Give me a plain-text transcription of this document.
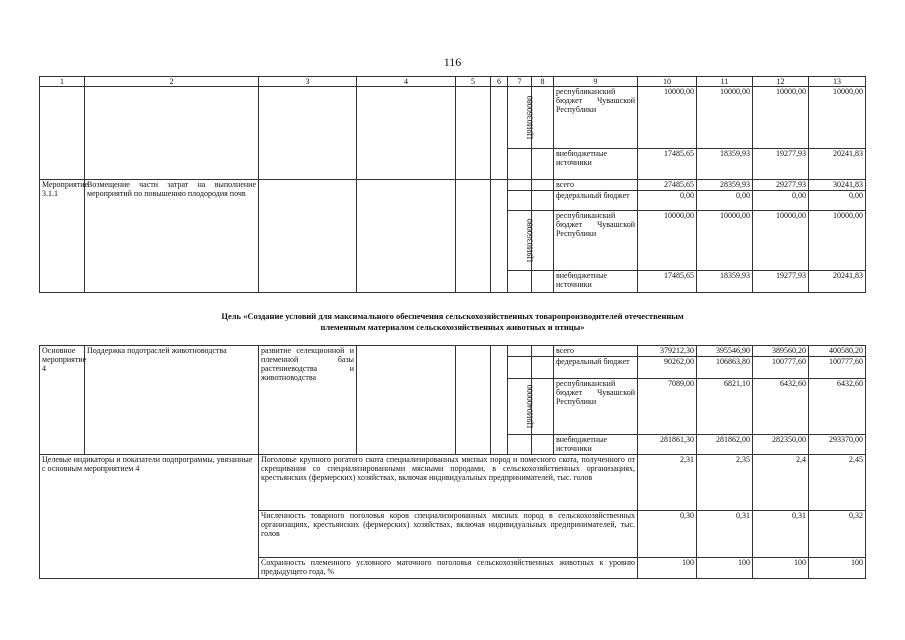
116
1	2	3	4	5	6	7	8	9	10	11	12	13
						Ц9И0360080		республиканский бюджет Чувашской Республики	10000,00	10000,00	10000,00	10000,00
								внебюджетные источники	17485,65	18359,93	19277,93	20241,83
Мероприятие 3.1.1	Возмещение части затрат на выполнение мероприятий по повышению плодородия почв							всего	27485,65	28359,93	29277,93	30241,83
								федеральный бюджет	0,00	0,00	0,00	0,00
						Ц9И0360080		республиканский бюджет Чувашской Республики	10000,00	10000,00	10000,00	10000,00
								внебюджетные источники	17485,65	18359,93	19277,93	20241,83
Цель «Создание условий для максимального обеспечения сельскохозяйственных товаропроизводителей отечественным
племенным материалом сельскохозяйственных животных и птицы»
Основное мероприятие 4	Поддержка подотраслей животноводства	развитие селекционной и племенной базы растениеводства и животноводства						всего	379212,30	395546,90	389560,20	400580,20
								федеральный бюджет	90262,00	106863,80	100777,60	100777,60
						Ц9И0400000		республиканский бюджет Чувашской Республики	7089,00	6821,10	6432,60	6432,60
								внебюджетные источники	281861,30	281862,00	282350,00	293370,00
Целевые индикаторы и показатели подпрограммы, увязанные с основным мероприятием 4		Поголовье крупного рогатого скота специализированных мясных пород и помесного скота, полученного от скрещивания со специализированными мясными породами, в сельскохозяйственных организациях, крестьянских (фермерских) хозяйствах, включая индивидуальных предпринимателей, тыс. голов							2,31	2,35	2,4	2,45
		Численность товарного поголовья коров специализированных мясных пород в сельскохозяйственных организациях, крестьянских (фермерских) хозяйствах, включая индивидуальных предпринимателей, тыс. голов							0,30	0,31	0,31	0,32
		Сохранность племенного условного маточного поголовья сельскохозяйственных животных к уровню предыдущего года, %							100	100	100	100
